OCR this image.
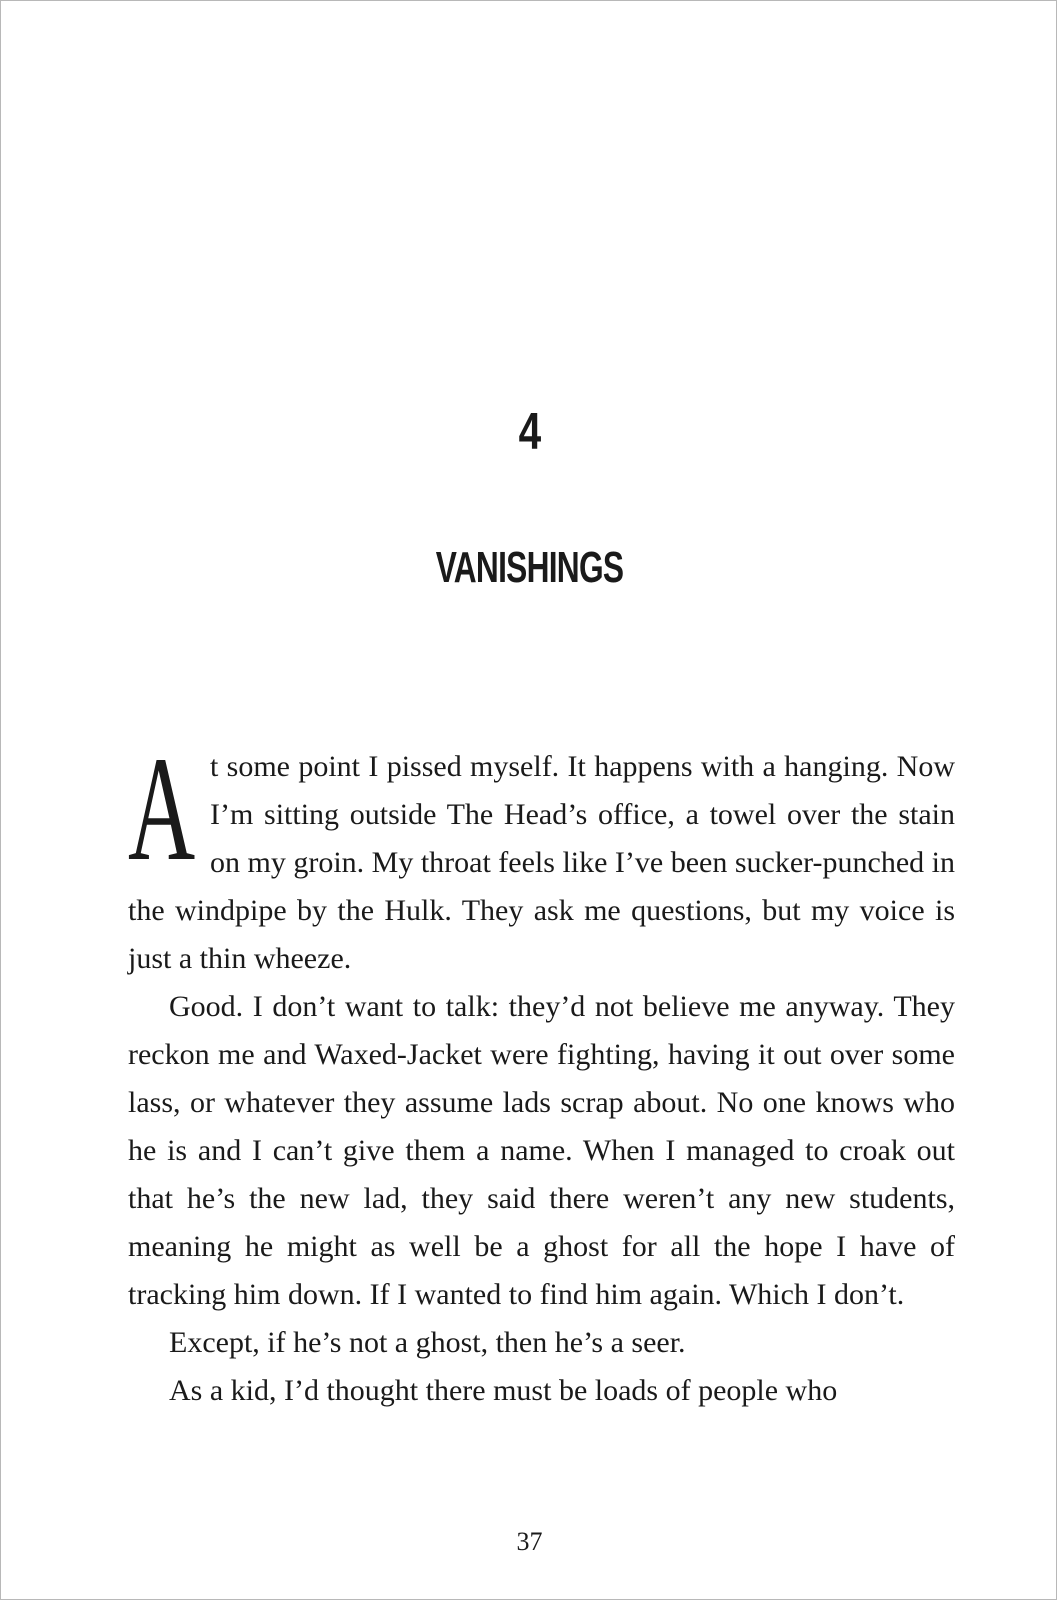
4
VANISHINGS

At some point I pissed myself. It happens with a hanging. Now I’m sitting outside The Head’s office, a towel over the stain on my groin. My throat feels like I’ve been sucker-punched in the windpipe by the Hulk. They ask me questions, but my voice is just a thin wheeze.

Good. I don’t want to talk: they’d not believe me anyway. They reckon me and Waxed-Jacket were fighting, having it out over some lass, or whatever they assume lads scrap about. No one knows who he is and I can’t give them a name. When I managed to croak out that he’s the new lad, they said there weren’t any new students, meaning he might as well be a ghost for all the hope I have of tracking him down. If I wanted to find him again. Which I don’t.

Except, if he’s not a ghost, then he’s a seer.

As a kid, I’d thought there must be loads of people who

37
